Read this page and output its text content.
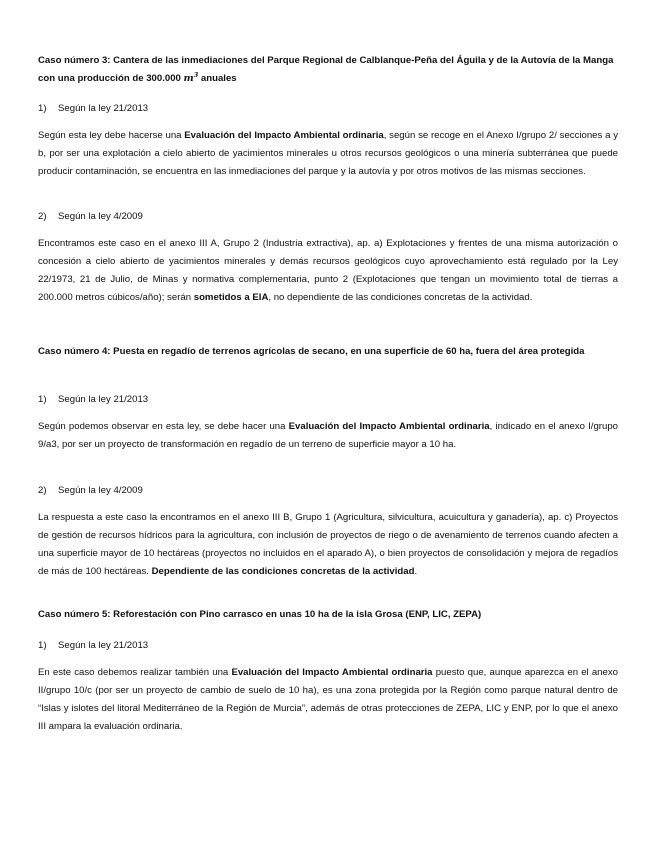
Caso número 3: Cantera de las inmediaciones del Parque Regional de Calblanque-Peña del Águila y de la Autovía de la Manga con una producción de 300.000 $m^3$ anuales

1) Según la ley 21/2013

Según esta ley debe hacerse una Evaluación del Impacto Ambiental ordinaria, según se recoge en el Anexo I/grupo 2/ secciones a y b, por ser una explotación a cielo abierto de yacimientos minerales u otros recursos geológicos o una minería subterránea que puede producir contaminación, se encuentra en las inmediaciones del parque y la autovía y por otros motivos de las mismas secciones.

2) Según la ley 4/2009

Encontramos este caso en el anexo III A, Grupo 2 (Industria extractiva), ap. a) Explotaciones y frentes de una misma autorización o concesión a cielo abierto de yacimientos minerales y demás recursos geológicos cuyo aprovechamiento está regulado por la Ley 22/1973, 21 de Julio, de Minas y normativa complementaria, punto 2 (Explotaciones que tengan un movimiento total de tierras a 200.000 metros cúbicos/año); serán sometidos a EIA, no dependiente de las condiciones concretas de la actividad.

Caso número 4: Puesta en regadío de terrenos agrícolas de secano, en una superficie de 60 ha, fuera del área protegida

1) Según la ley 21/2013

Según podemos observar en esta ley, se debe hacer una Evaluación del Impacto Ambiental ordinaria, indicado en el anexo I/grupo 9/a3, por ser un proyecto de transformación en regadío de un terreno de superficie mayor a 10 ha.

2) Según la ley 4/2009

La respuesta a este caso la encontramos en el anexo III B, Grupo 1 (Agricultura, silvicultura, acuicultura y ganadería), ap. c) Proyectos de gestión de recursos hídricos para la agricultura, con inclusión de proyectos de riego o de avenamiento de terrenos cuando afecten a una superficie mayor de 10 hectáreas (proyectos no incluidos en el aparado A), o bien proyectos de consolidación y mejora de regadíos de más de 100 hectáreas. Dependiente de las condiciones concretas de la actividad.

Caso número 5: Reforestación con Pino carrasco en unas 10 ha de la isla Grosa (ENP, LIC, ZEPA)

1) Según la ley 21/2013

En este caso debemos realizar también una Evaluación del Impacto Ambiental ordinaria puesto que, aunque aparezca en el anexo II/grupo 10/c (por ser un proyecto de cambio de suelo de 10 ha), es una zona protegida por la Región como parque natural dentro de “Islas y islotes del litoral Mediterráneo de la Región de Murcia”, además de otras protecciones de ZEPA, LIC y ENP, por lo que el anexo III ampara la evaluación ordinaria.
